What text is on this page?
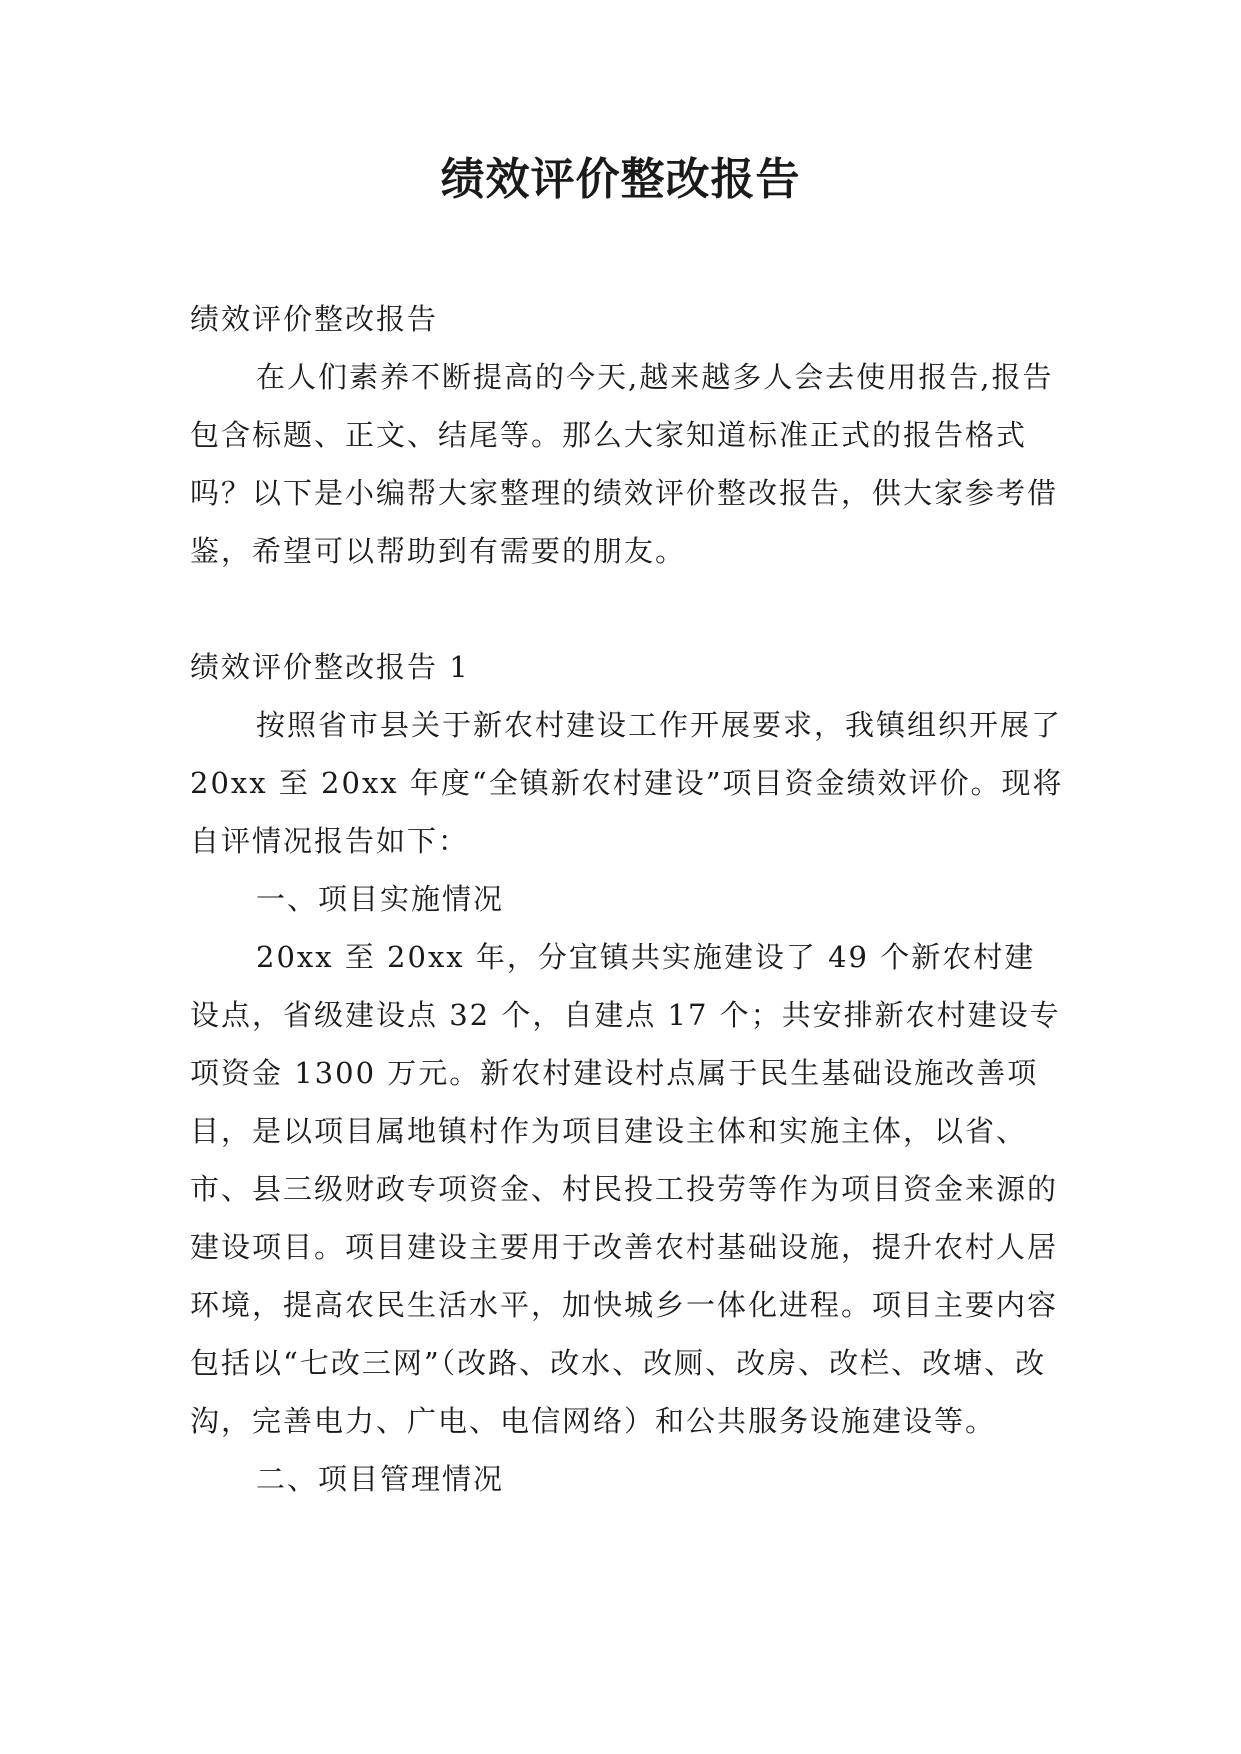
绩效评价整改报告

绩效评价整改报告

在人们素养不断提高的今天,越来越多人会去使用报告,报告包含标题、正文、结尾等。那么大家知道标准正式的报告格式吗？以下是小编帮大家整理的绩效评价整改报告，供大家参考借鉴，希望可以帮助到有需要的朋友。

绩效评价整改报告 1

按照省市县关于新农村建设工作开展要求，我镇组织开展了 20xx 至 20xx 年度“全镇新农村建设”项目资金绩效评价。现将自评情况报告如下：

一、项目实施情况

20xx 至 20xx 年，分宜镇共实施建设了 49 个新农村建设点，省级建设点 32 个，自建点 17 个；共安排新农村建设专项资金 1300 万元。新农村建设村点属于民生基础设施改善项目，是以项目属地镇村作为项目建设主体和实施主体，以省、市、县三级财政专项资金、村民投工投劳等作为项目资金来源的建设项目。项目建设主要用于改善农村基础设施，提升农村人居环境，提高农民生活水平，加快城乡一体化进程。项目主要内容包括以“七改三网”（改路、改水、改厕、改房、改栏、改塘、改沟，完善电力、广电、电信网络）和公共服务设施建设等。

二、项目管理情况
